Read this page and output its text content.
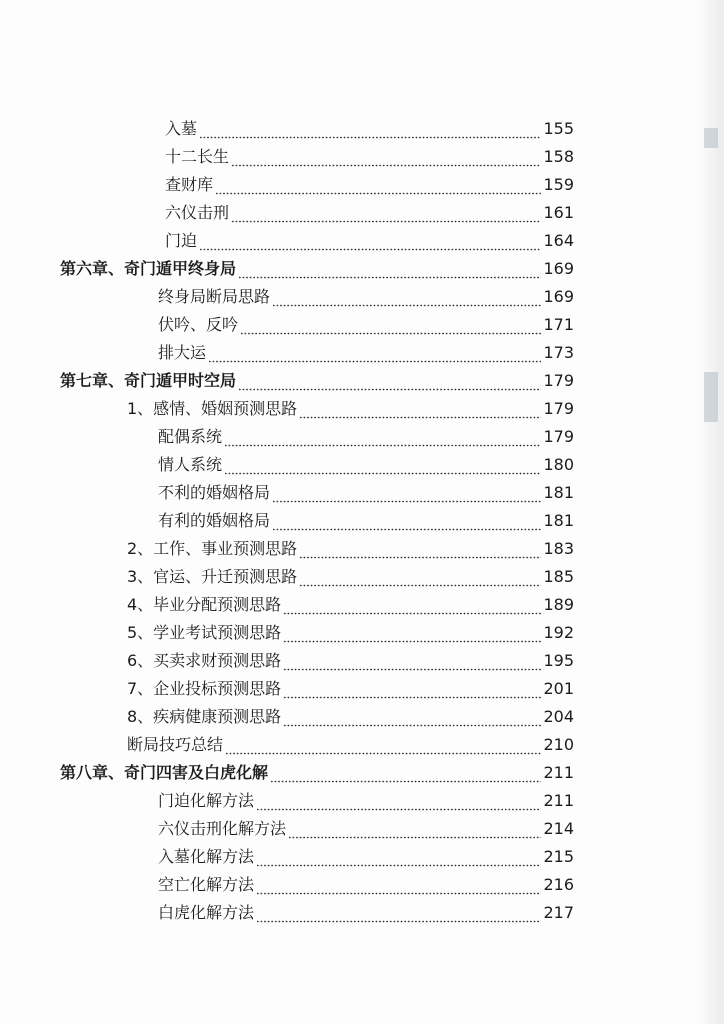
入墓	155
十二长生	158
查财库	159
六仪击刑	161
门迫	164
第六章、奇门遁甲终身局	169
终身局断局思路	169
伏吟、反吟	171
排大运	173
第七章、奇门遁甲时空局	179
1、感情、婚姻预测思路	179
配偶系统	179
情人系统	180
不利的婚姻格局	181
有利的婚姻格局	181
2、工作、事业预测思路	183
3、官运、升迁预测思路	185
4、毕业分配预测思路	189
5、学业考试预测思路	192
6、买卖求财预测思路	195
7、企业投标预测思路	201
8、疾病健康预测思路	204
断局技巧总结	210
第八章、奇门四害及白虎化解	211
门迫化解方法	211
六仪击刑化解方法	214
入墓化解方法	215
空亡化解方法	216
白虎化解方法	217
